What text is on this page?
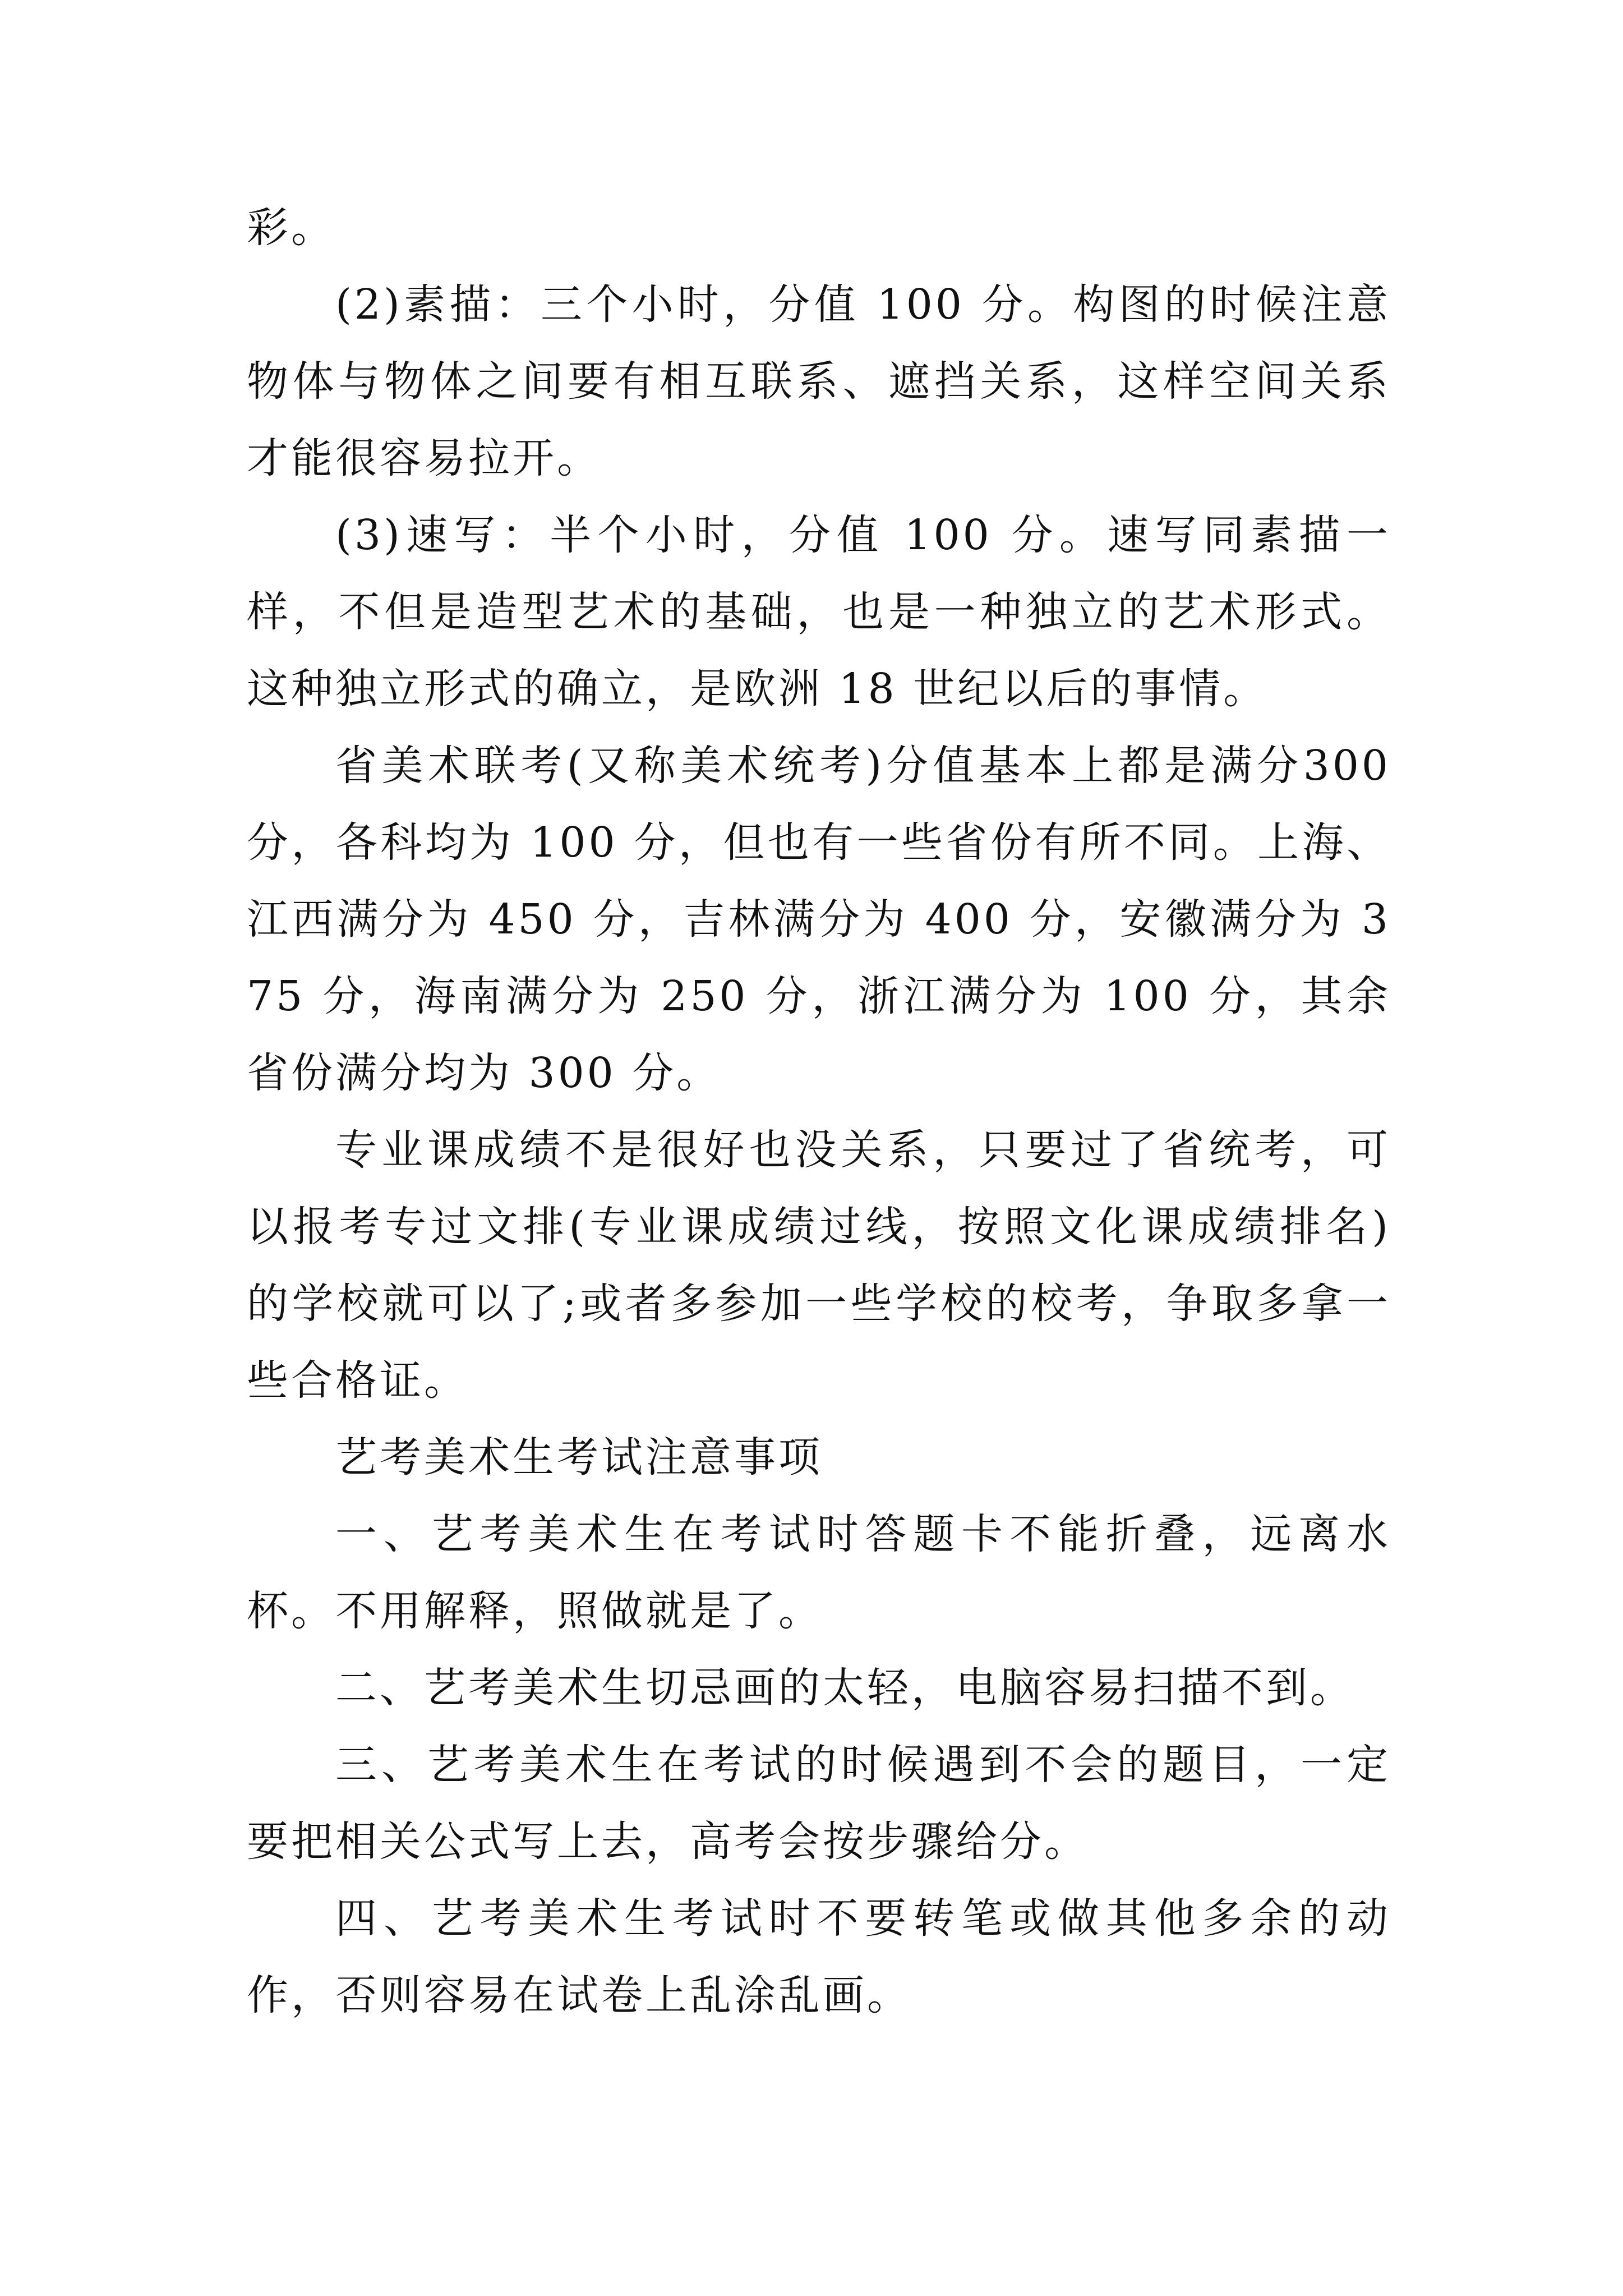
彩。

(2)素描：三个小时，分值 100 分。构图的时候注意物体与物体之间要有相互联系、遮挡关系，这样空间关系才能很容易拉开。

(3)速写：半个小时，分值 100 分。速写同素描一样，不但是造型艺术的基础，也是一种独立的艺术形式。这种独立形式的确立，是欧洲 18 世纪以后的事情。

省美术联考(又称美术统考)分值基本上都是满分300分，各科均为 100 分，但也有一些省份有所不同。上海、江西满分为 450 分，吉林满分为 400 分，安徽满分为 375 分，海南满分为 250 分，浙江满分为 100 分，其余省份满分均为 300 分。

专业课成绩不是很好也没关系，只要过了省统考，可以报考专过文排(专业课成绩过线，按照文化课成绩排名)的学校就可以了;或者多参加一些学校的校考，争取多拿一些合格证。

艺考美术生考试注意事项

一、艺考美术生在考试时答题卡不能折叠，远离水杯。不用解释，照做就是了。

二、艺考美术生切忌画的太轻，电脑容易扫描不到。

三、艺考美术生在考试的时候遇到不会的题目，一定要把相关公式写上去，高考会按步骤给分。

四、艺考美术生考试时不要转笔或做其他多余的动作，否则容易在试卷上乱涂乱画。
